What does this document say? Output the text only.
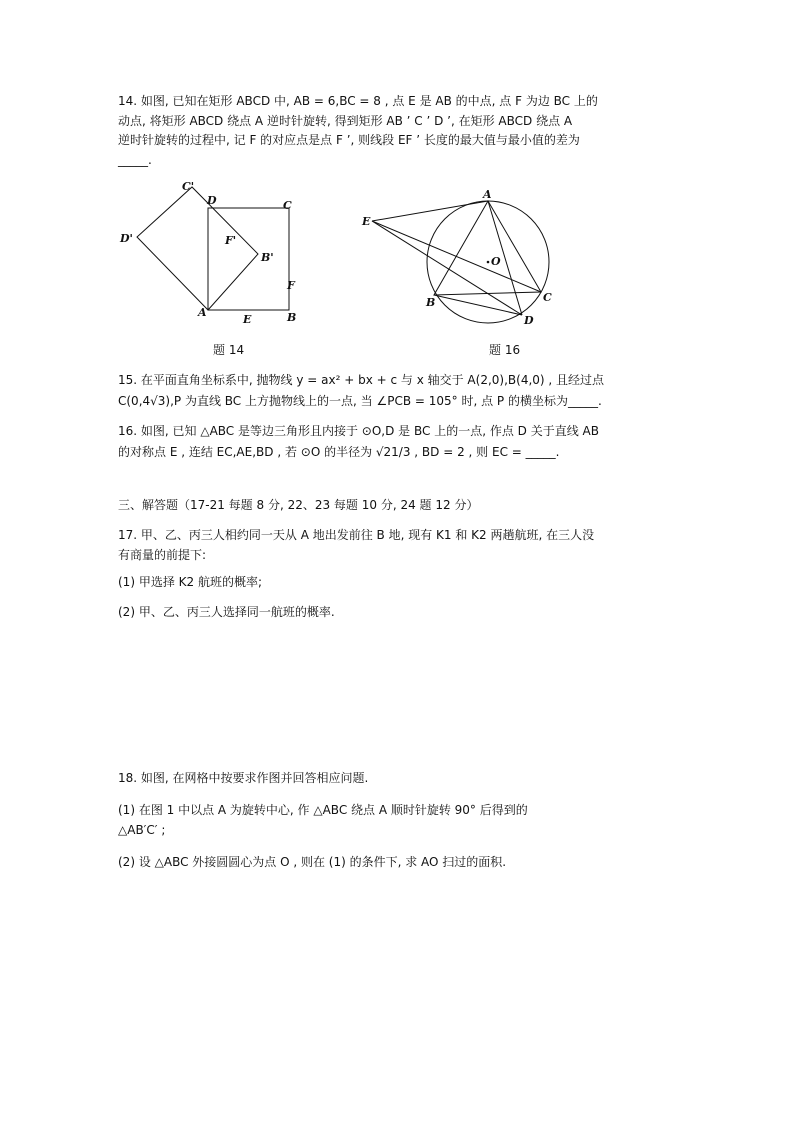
14. 如图, 已知在矩形 ABCD 中, AB = 6,BC = 8 , 点 E 是 AB 的中点, 点 F 为边 BC 上的

动点, 将矩形 ABCD 绕点 A 逆时针旋转, 得到矩形 AB ’ C ’ D ’, 在矩形 ABCD 绕点 A

逆时针旋转的过程中, 记 F 的对应点是点 F ’, 则线段 EF ’ 长度的最大值与最小值的差为

_____.

C'
D	C
D'	F'
B'
F
A
E	B
题 14
A
E
O
B	C
D
题 16

15. 在平面直角坐标系中, 抛物线 y = ax² + bx + c 与 x 轴交于 A(2,0),B(4,0) , 且经过点

C(0,4√3),P 为直线 BC 上方抛物线上的一点, 当 ∠PCB = 105° 时, 点 P 的横坐标为_____.

16. 如图, 已知 △ABC 是等边三角形且内接于 ⊙O,D 是 BC 上的一点, 作点 D 关于直线 AB

的对称点 E , 连结 EC,AE,BD , 若 ⊙O 的半径为 √21/3 , BD = 2 , 则 EC = _____.

三、解答题（17-21 每题 8 分, 22、23 每题 10 分, 24 题 12 分）

17. 甲、乙、丙三人相约同一天从 A 地出发前往 B 地, 现有 K1 和 K2 两趟航班, 在三人没

有商量的前提下:

(1) 甲选择 K2 航班的概率;
(2) 甲、乙、丙三人选择同一航班的概率.
18. 如图, 在网格中按要求作图并回答相应问题.

(1) 在图 1 中以点 A 为旋转中心, 作 △ABC 绕点 A 顺时针旋转 90° 后得到的

△AB′C′ ;

(2) 设 △ABC 外接圆圆心为点 O , 则在 (1) 的条件下, 求 AO 扫过的面积.
